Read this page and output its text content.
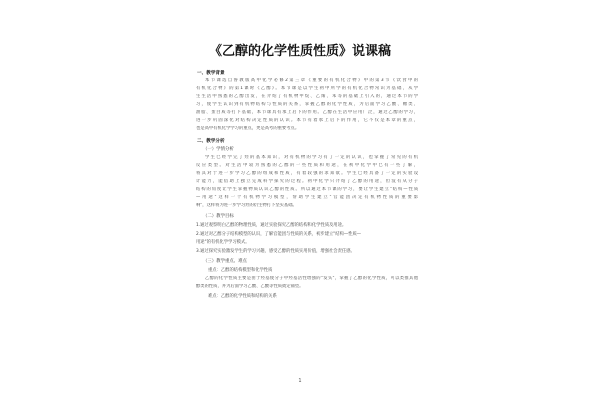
《乙醇的化学性质性质》说课稿
一、教学背景
本节课选自鲁教版高中化学必修2第三章《重要的有机化合物》中的第3节《饮食中的
有机化合物》的第1课时《乙醇》。本节课是以学生初中所学的有机化合物常识为基础，从学
生生活中熟悉的乙醇出发，在介绍了有机物甲烷、乙烯、苯等的基础上引入的，通过本节的学
习，使学生认识到有机物结构与性质的关系，掌握乙醇的化学性质，为后面学习乙酸、糖类、
油脂、蛋白质等打下基础，本节课具有承上启下的作用。乙醇在生活中应用广泛，通过乙醇的学习，
进一步巩固深化对结构决定性质的认识。本节有着承上启下的作用，它不仅是本章的重点，
也是高中有机化学学习的重点，更是高考的重要考点。
二、教学分析
（一）学情分析
学生已经学完了烃的基本知识，对有机物的学习有了一定的认识，也掌握了常见的有机
反应类型。对生活中较为熟悉的乙醇的一些性质和用途，在初中化学中已有一些了解，
将其对于进一步学习乙醇的组成和性质，有着较强的求知欲。学生已经具备了一定的实验设
计能力，能借助上独立完成科学探究的过程。初中化学只介绍了乙醇的用途，但没有从分子
结构的角度让学生掌握物质认识乙醇的性质。所以通过本节课的学习，要让学生建立"结构—性质
—用途"这样一个有机物学习模型，帮助学生建立"官能团决定有机物性质的重要影
响"，这样将为进一步学习烃的衍生物打下坚实基础。
（二）教学目标
1.通过观察明白乙醇的物理性质，通过实验探究乙醇的结构和化学性质及用途。
2.通过对乙醇分子结构模型的认识，了解官能团与性质的关系，初步建立"结构—性质—
用途"的有机化学学习模式。
3.通过探究实验激发学生的学习兴趣，感受乙醇的性质实用价值，增强社会责任感。
（三）教学重点、难点
重点：乙醇的结构模型和化学性质
乙醇的化学性质主要是由于羟基使分子中羟基活性增强的"发头"，掌握了乙醇的化学性质，可以类推其他
醇类的性质，并为后面学习乙酸、乙酸等性质奠定铺垫。
难点：乙醇的化学性质和结构的关系
1
